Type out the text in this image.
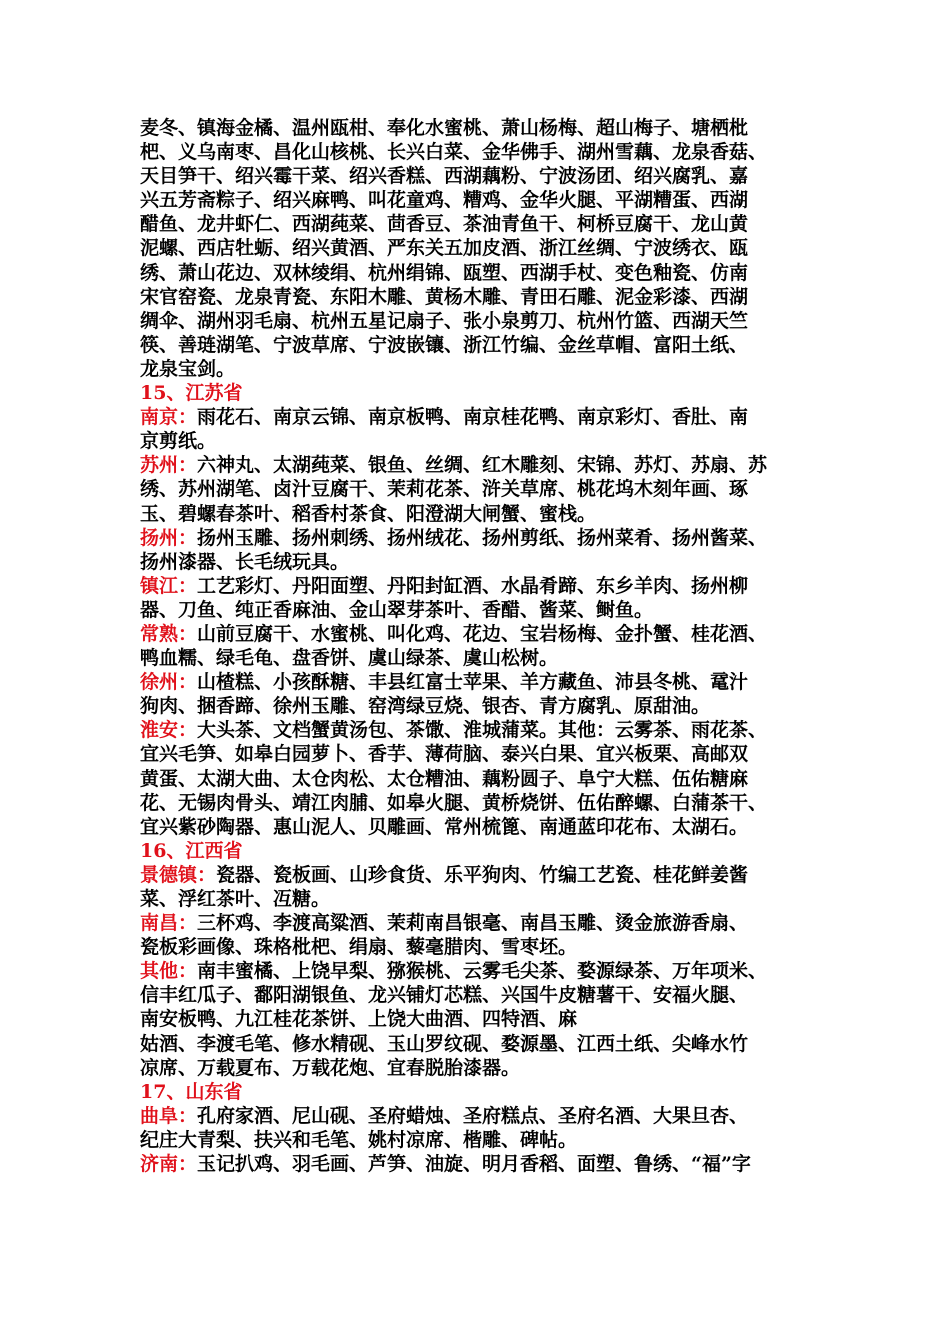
麦冬、镇海金橘、温州瓯柑、奉化水蜜桃、萧山杨梅、超山梅子、塘栖枇
杷、义乌南枣、昌化山核桃、长兴白菜、金华佛手、湖州雪藕、龙泉香菇、
天目笋干、绍兴霉干菜、绍兴香糕、西湖藕粉、宁波汤团、绍兴腐乳、嘉
兴五芳斋粽子、绍兴麻鸭、叫花童鸡、糟鸡、金华火腿、平湖糟蛋、西湖
醋鱼、龙井虾仁、西湖莼菜、茴香豆、茶油青鱼干、柯桥豆腐干、龙山黄
泥螺、西店牡蛎、绍兴黄酒、严东关五加皮酒、浙江丝绸、宁波绣衣、瓯
绣、萧山花边、双林绫绢、杭州绢锦、瓯塑、西湖手杖、变色釉瓷、仿南
宋官窑瓷、龙泉青瓷、东阳木雕、黄杨木雕、青田石雕、泥金彩漆、西湖
绸伞、湖州羽毛扇、杭州五星记扇子、张小泉剪刀、杭州竹篮、西湖天竺
筷、善琏湖笔、宁波草席、宁波嵌镶、浙江竹编、金丝草帽、富阳土纸、
龙泉宝剑。
15、江苏省
南京：雨花石、南京云锦、南京板鸭、南京桂花鸭、南京彩灯、香肚、南
京剪纸。
苏州：六神丸、太湖莼菜、银鱼、丝绸、红木雕刻、宋锦、苏灯、苏扇、苏
绣、苏州湖笔、卤汁豆腐干、茉莉花茶、浒关草席、桃花坞木刻年画、琢
玉、碧螺春茶叶、稻香村茶食、阳澄湖大闸蟹、蜜栈。
扬州：扬州玉雕、扬州刺绣、扬州绒花、扬州剪纸、扬州菜肴、扬州酱菜、
扬州漆器、长毛绒玩具。
镇江：工艺彩灯、丹阳面塑、丹阳封缸酒、水晶肴蹄、东乡羊肉、扬州柳
器、刀鱼、纯正香麻油、金山翠芽茶叶、香醋、酱菜、鲥鱼。
常熟：山前豆腐干、水蜜桃、叫化鸡、花边、宝岩杨梅、金扑蟹、桂花酒、
鸭血糯、绿毛龟、盘香饼、虞山绿茶、虞山松树。
徐州：山楂糕、小孩酥糖、丰县红富士苹果、羊方藏鱼、沛县冬桃、鼋汁
狗肉、捆香蹄、徐州玉雕、窑湾绿豆烧、银杏、青方腐乳、原甜油。
淮安：大头茶、文档蟹黄汤包、茶馓、淮城蒲菜。其他：云雾茶、雨花茶、
宜兴毛笋、如皋白园萝卜、香芋、薄荷脑、泰兴白果、宜兴板栗、高邮双
黄蛋、太湖大曲、太仓肉松、太仓糟油、藕粉圆子、阜宁大糕、伍佑糖麻
花、无锡肉骨头、靖江肉脯、如皋火腿、黄桥烧饼、伍佑醉螺、白蒲茶干、
宜兴紫砂陶器、惠山泥人、贝雕画、常州梳篦、南通蓝印花布、太湖石。
16、江西省
景德镇：瓷器、瓷板画、山珍食货、乐平狗肉、竹编工艺瓷、桂花鲜姜酱
菜、浮红茶叶、冱糖。
南昌：三杯鸡、李渡高粱酒、茉莉南昌银毫、南昌玉雕、烫金旅游香扇、
瓷板彩画像、珠格枇杷、绢扇、藜毫腊肉、雪枣坯。
其他：南丰蜜橘、上饶早梨、猕猴桃、云雾毛尖茶、婺源绿茶、万年项米、
信丰红瓜子、鄱阳湖银鱼、龙兴铺灯芯糕、兴国牛皮糖薯干、安福火腿、
南安板鸭、九江桂花茶饼、上饶大曲酒、四特酒、麻
姑酒、李渡毛笔、修水精砚、玉山罗纹砚、婺源墨、江西土纸、尖峰水竹
凉席、万载夏布、万载花炮、宜春脱胎漆器。
17、山东省
曲阜：孔府家酒、尼山砚、圣府蜡烛、圣府糕点、圣府名酒、大果旦杏、
纪庄大青梨、扶兴和毛笔、姚村凉席、楷雕、碑帖。
济南：玉记扒鸡、羽毛画、芦笋、油旋、明月香稻、面塑、鲁绣、“福”字
